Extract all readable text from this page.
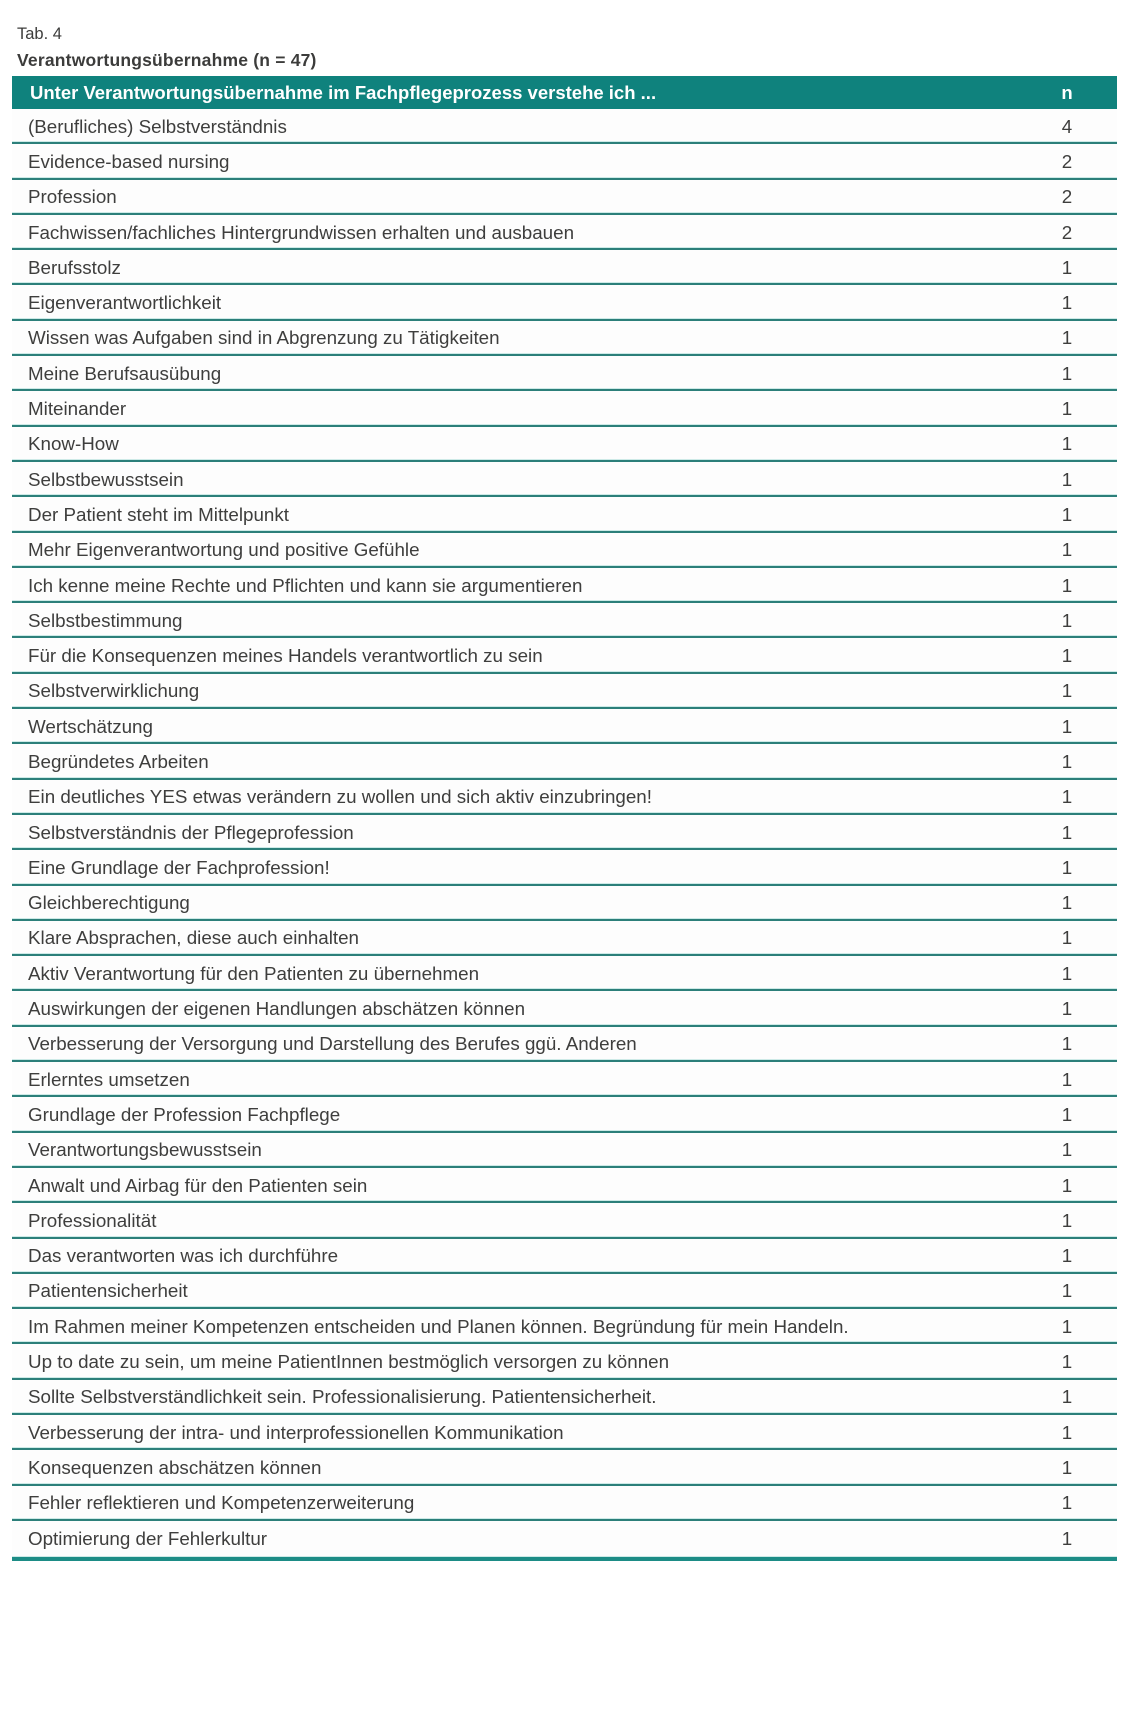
Tab. 4
Verantwortungsübernahme (n = 47)
Unter Verantwortungsübernahme im Fachpflegeprozess verstehe ich ...	n
(Berufliches) Selbstverständnis	4
Evidence-based nursing	2
Profession	2
Fachwissen/fachliches Hintergrundwissen erhalten und ausbauen	2
Berufsstolz	1
Eigenverantwortlichkeit	1
Wissen was Aufgaben sind in Abgrenzung zu Tätigkeiten	1
Meine Berufsausübung	1
Miteinander	1
Know-How	1
Selbstbewusstsein	1
Der Patient steht im Mittelpunkt	1
Mehr Eigenverantwortung und positive Gefühle	1
Ich kenne meine Rechte und Pflichten und kann sie argumentieren	1
Selbstbestimmung	1
Für die Konsequenzen meines Handels verantwortlich zu sein	1
Selbstverwirklichung	1
Wertschätzung	1
Begründetes Arbeiten	1
Ein deutliches YES etwas verändern zu wollen und sich aktiv einzubringen!	1
Selbstverständnis der Pflegeprofession	1
Eine Grundlage der Fachprofession!	1
Gleichberechtigung	1
Klare Absprachen, diese auch einhalten	1
Aktiv Verantwortung für den Patienten zu übernehmen	1
Auswirkungen der eigenen Handlungen abschätzen können	1
Verbesserung der Versorgung und Darstellung des Berufes ggü. Anderen	1
Erlerntes umsetzen	1
Grundlage der Profession Fachpflege	1
Verantwortungsbewusstsein	1
Anwalt und Airbag für den Patienten sein	1
Professionalität	1
Das verantworten was ich durchführe	1
Patientensicherheit	1
Im Rahmen meiner Kompetenzen entscheiden und Planen können. Begründung für mein Handeln.	1
Up to date zu sein, um meine PatientInnen bestmöglich versorgen zu können	1
Sollte Selbstverständlichkeit sein. Professionalisierung. Patientensicherheit.	1
Verbesserung der intra- und interprofessionellen Kommunikation	1
Konsequenzen abschätzen können	1
Fehler reflektieren und Kompetenzerweiterung	1
Optimierung der Fehlerkultur	1
